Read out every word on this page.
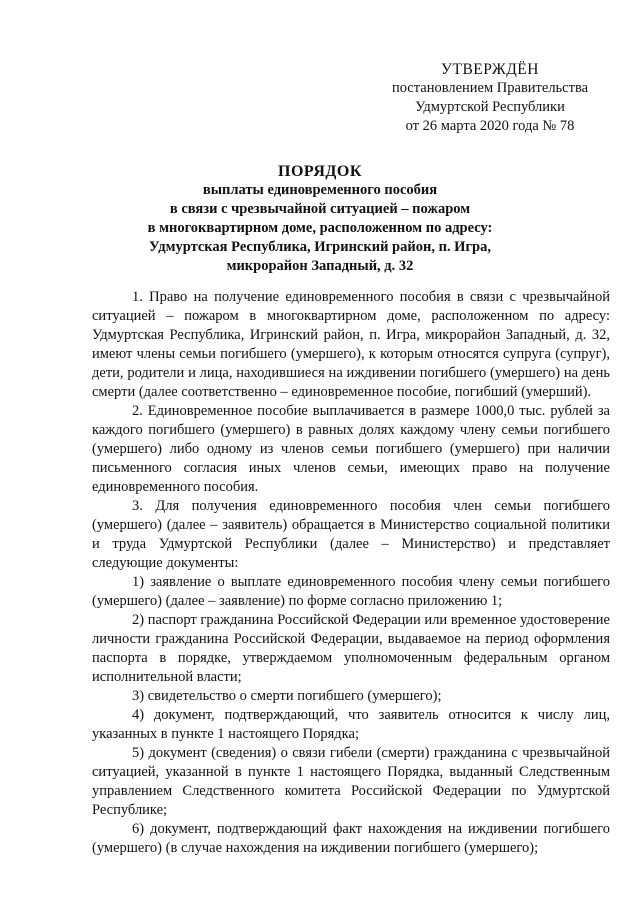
УТВЕРЖДЁН
постановлением Правительства
Удмуртской Республики
от 26 марта 2020 года № 78
ПОРЯДОК
выплаты единовременного пособия
в связи с чрезвычайной ситуацией – пожаром
в многоквартирном доме, расположенном по адресу:
Удмуртская Республика, Игринский район, п. Игра,
микрорайон Западный, д. 32

1. Право на получение единовременного пособия в связи с чрезвычайной ситуацией – пожаром в многоквартирном доме, расположенном по адресу: Удмуртская Республика, Игринский район, п. Игра, микрорайон Западный, д. 32, имеют члены семьи погибшего (умершего), к которым относятся супруга (супруг), дети, родители и лица, находившиеся на иждивении погибшего (умершего) на день смерти (далее соответственно – единовременное пособие, погибший (умерший).

2. Единовременное пособие выплачивается в размере 1000,0 тыс. рублей за каждого погибшего (умершего) в равных долях каждому члену семьи погибшего (умершего) либо одному из членов семьи погибшего (умершего) при наличии письменного согласия иных членов семьи, имеющих право на получение единовременного пособия.

3. Для получения единовременного пособия член семьи погибшего (умершего) (далее – заявитель) обращается в Министерство социальной политики и труда Удмуртской Республики (далее – Министерство) и представляет следующие документы:

1) заявление о выплате единовременного пособия члену семьи погибшего (умершего) (далее – заявление) по форме согласно приложению 1;

2) паспорт гражданина Российской Федерации или временное удостоверение личности гражданина Российской Федерации, выдаваемое на период оформления паспорта в порядке, утверждаемом уполномоченным федеральным органом исполнительной власти;

3) свидетельство о смерти погибшего (умершего);

4) документ, подтверждающий, что заявитель относится к числу лиц, указанных в пункте 1 настоящего Порядка;

5) документ (сведения) о связи гибели (смерти) гражданина с чрезвычайной ситуацией, указанной в пункте 1 настоящего Порядка, выданный Следственным управлением Следственного комитета Российской Федерации по Удмуртской Республике;

6) документ, подтверждающий факт нахождения на иждивении погибшего (умершего) (в случае нахождения на иждивении погибшего (умершего);
